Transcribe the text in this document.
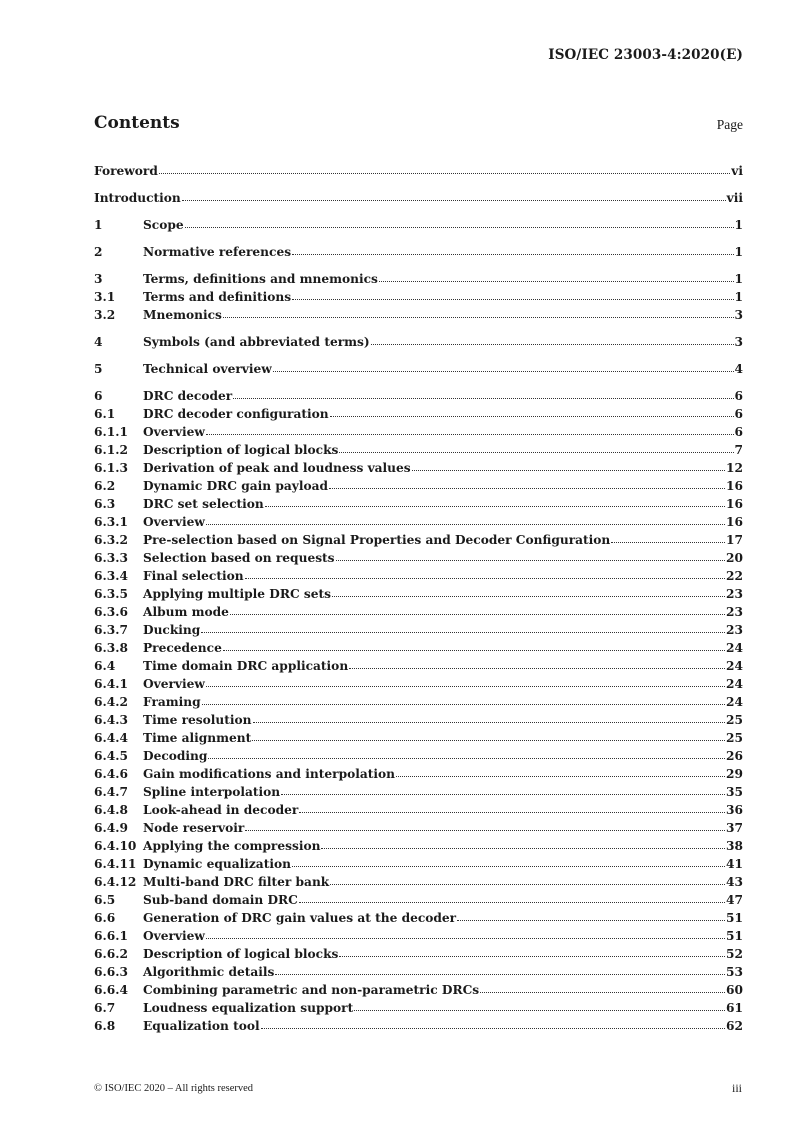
ISO/IEC 23003-4:2020(E)
Contents	Page
Foreword	vi
Introduction	vii
1	Scope	1
2	Normative references	1
3	Terms, definitions and mnemonics	1
3.1	Terms and definitions	1
3.2	Mnemonics	3
4	Symbols (and abbreviated terms)	3
5	Technical overview	4
6	DRC decoder	6
6.1	DRC decoder configuration	6
6.1.1	Overview	6
6.1.2	Description of logical blocks	7
6.1.3	Derivation of peak and loudness values	12
6.2	Dynamic DRC gain payload	16
6.3	DRC set selection	16
6.3.1	Overview	16
6.3.2	Pre-selection based on Signal Properties and Decoder Configuration	17
6.3.3	Selection based on requests	20
6.3.4	Final selection	22
6.3.5	Applying multiple DRC sets	23
6.3.6	Album mode	23
6.3.7	Ducking	23
6.3.8	Precedence	24
6.4	Time domain DRC application	24
6.4.1	Overview	24
6.4.2	Framing	24
6.4.3	Time resolution	25
6.4.4	Time alignment	25
6.4.5	Decoding	26
6.4.6	Gain modifications and interpolation	29
6.4.7	Spline interpolation	35
6.4.8	Look-ahead in decoder	36
6.4.9	Node reservoir	37
6.4.10 Applying the compression	38
6.4.11 Dynamic equalization	41
6.4.12 Multi-band DRC filter bank	43
6.5	Sub-band domain DRC	47
6.6	Generation of DRC gain values at the decoder	51
6.6.1	Overview	51
6.6.2	Description of logical blocks	52
6.6.3	Algorithmic details	53
6.6.4	Combining parametric and non-parametric DRCs	60
6.7	Loudness equalization support	61
6.8	Equalization tool	62
© ISO/IEC 2020 – All rights reserved	iii
